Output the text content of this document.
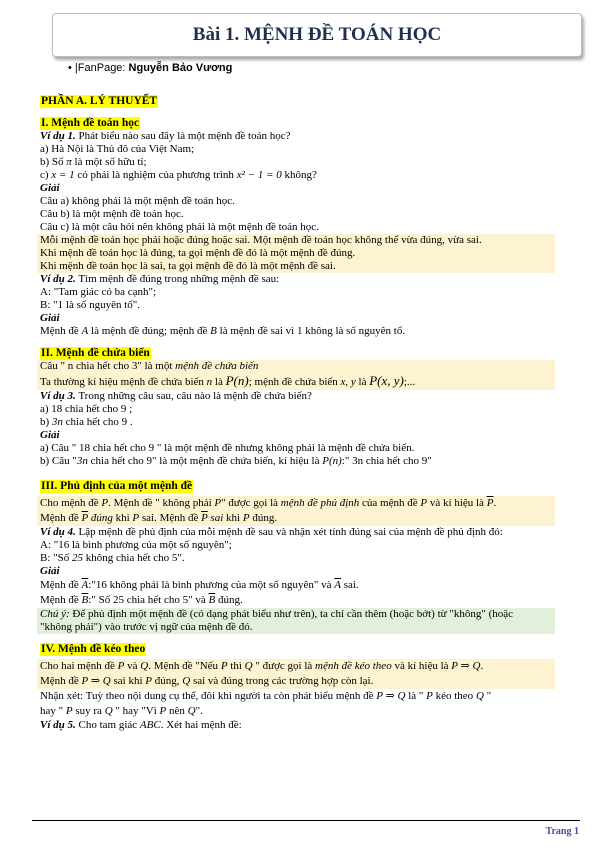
Bài 1. MỆNH ĐỀ TOÁN HỌC
• |FanPage: Nguyễn Bảo Vương
PHẦN A. LÝ THUYẾT
I. Mệnh đề toán học
Ví dụ 1. Phát biểu nào sau đây là một mệnh đề toán học?
a) Hà Nội là Thủ đô của Việt Nam;
b) Số π là một số hữu tỉ;
c) x = 1 có phải là nghiệm của phương trình x² − 1 = 0 không?
Giải
Câu a) không phải là một mệnh đề toán học.
Câu b) là một mệnh đề toán học.
Câu c) là một câu hỏi nên không phải là một mệnh đề toán học.
Mỗi mệnh đề toán học phải hoặc đúng hoặc sai. Một mệnh đề toán học không thể vừa đúng, vừa sai.
Khi mệnh đề toán học là đúng, ta gọi mệnh đề đó là một mệnh đề đúng.
Khi mệnh đề toán học là sai, ta gọi mệnh đề đó là một mệnh đề sai.
Ví dụ 2. Tìm mệnh đề đúng trong những mệnh đề sau:
A: "Tam giác có ba cạnh";
B: "1 là số nguyên tố".
Giải
Mệnh đề A là mệnh đề đúng; mệnh đề B là mệnh đề sai vì 1 không là số nguyên tố.
II. Mệnh đề chứa biến
Câu " n chia hết cho 3" là một mệnh đề chứa biến
Ta thường kí hiệu mệnh đề chứa biến n là P(n); mệnh đề chứa biến x, y là P(x, y);...
Ví dụ 3. Trong những câu sau, câu nào là mệnh đề chứa biến?
a) 18 chia hết cho 9 ;
b) 3n chia hết cho 9 .
Giải
a) Câu " 18 chia hết cho 9 " là một mệnh đề nhưng không phải là mệnh đề chứa biến.
b) Câu "3n chia hết cho 9" là một mệnh đề chứa biến, kí hiệu là P(n):" 3n chia hết cho 9"
III. Phủ định của một mệnh đề
Cho mệnh đề P. Mệnh đề " không phải P" được gọi là mệnh đề phủ định của mệnh đề P và kí hiệu là $\overline{P}$.
Mệnh đề $\overline{P}$ đúng khi P sai. Mệnh đề $\overline{P}$ sai khi P đúng.
Ví dụ 4. Lập mệnh đề phủ định của mỗi mệnh đề sau và nhận xét tính đúng sai của mệnh đề phủ định đó:
A: "16 là bình phương của một số nguyên";
B: "Số 25 không chia hết cho 5".
Giải
Mệnh đề $\overline{A}:"16$ không phải là bình phương của một số nguyên" và $\overline{A}$ sai.
Mệnh đề $\overline{B}$:" Số 25 chia hết cho 5" và $\overline{B}$ đúng.
Chú ý: Để phủ định một mệnh đề (có dạng phát biểu như trên), ta chỉ cần thêm (hoặc bớt) từ "không" (hoặc
"không phải") vào trước vị ngữ của mệnh đề đó.
IV. Mệnh đề kéo theo
Cho hai mệnh đề P và Q. Mệnh đề "Nếu P thì Q " được gọi là mệnh đề kéo theo và kí hiệu là P ⇒ Q.
Mệnh đề P ⇒ Q sai khi P đúng, Q sai và đúng trong các trường hợp còn lại.
Nhận xét: Tuỳ theo nội dung cụ thể, đôi khi người ta còn phát biểu mệnh đề P ⇒ Q là " P kéo theo Q "
hay " P suy ra Q " hay "Vì P nên Q".
Ví dụ 5. Cho tam giác ABC. Xét hai mệnh đề:
Trang 1
